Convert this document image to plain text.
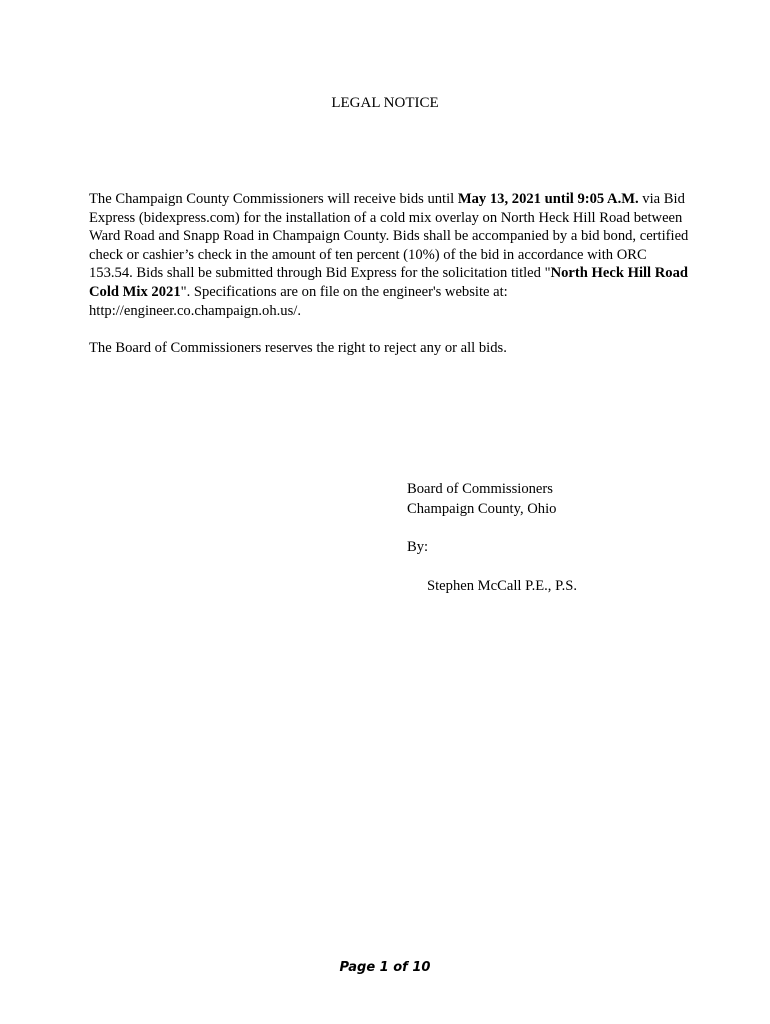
LEGAL NOTICE
The Champaign County Commissioners will receive bids until May 13, 2021 until 9:05 A.M. via Bid Express (bidexpress.com) for the installation of a cold mix overlay on North Heck Hill Road between Ward Road and Snapp Road in Champaign County. Bids shall be accompanied by a bid bond, certified check or cashier’s check in the amount of ten percent (10%) of the bid in accordance with ORC 153.54. Bids shall be submitted through Bid Express for the solicitation titled "North Heck Hill Road Cold Mix 2021". Specifications are on file on the engineer's website at: http://engineer.co.champaign.oh.us/.
The Board of Commissioners reserves the right to reject any or all bids.
Board of Commissioners
Champaign County, Ohio
By:
Stephen McCall P.E., P.S.
Page 1 of 10
